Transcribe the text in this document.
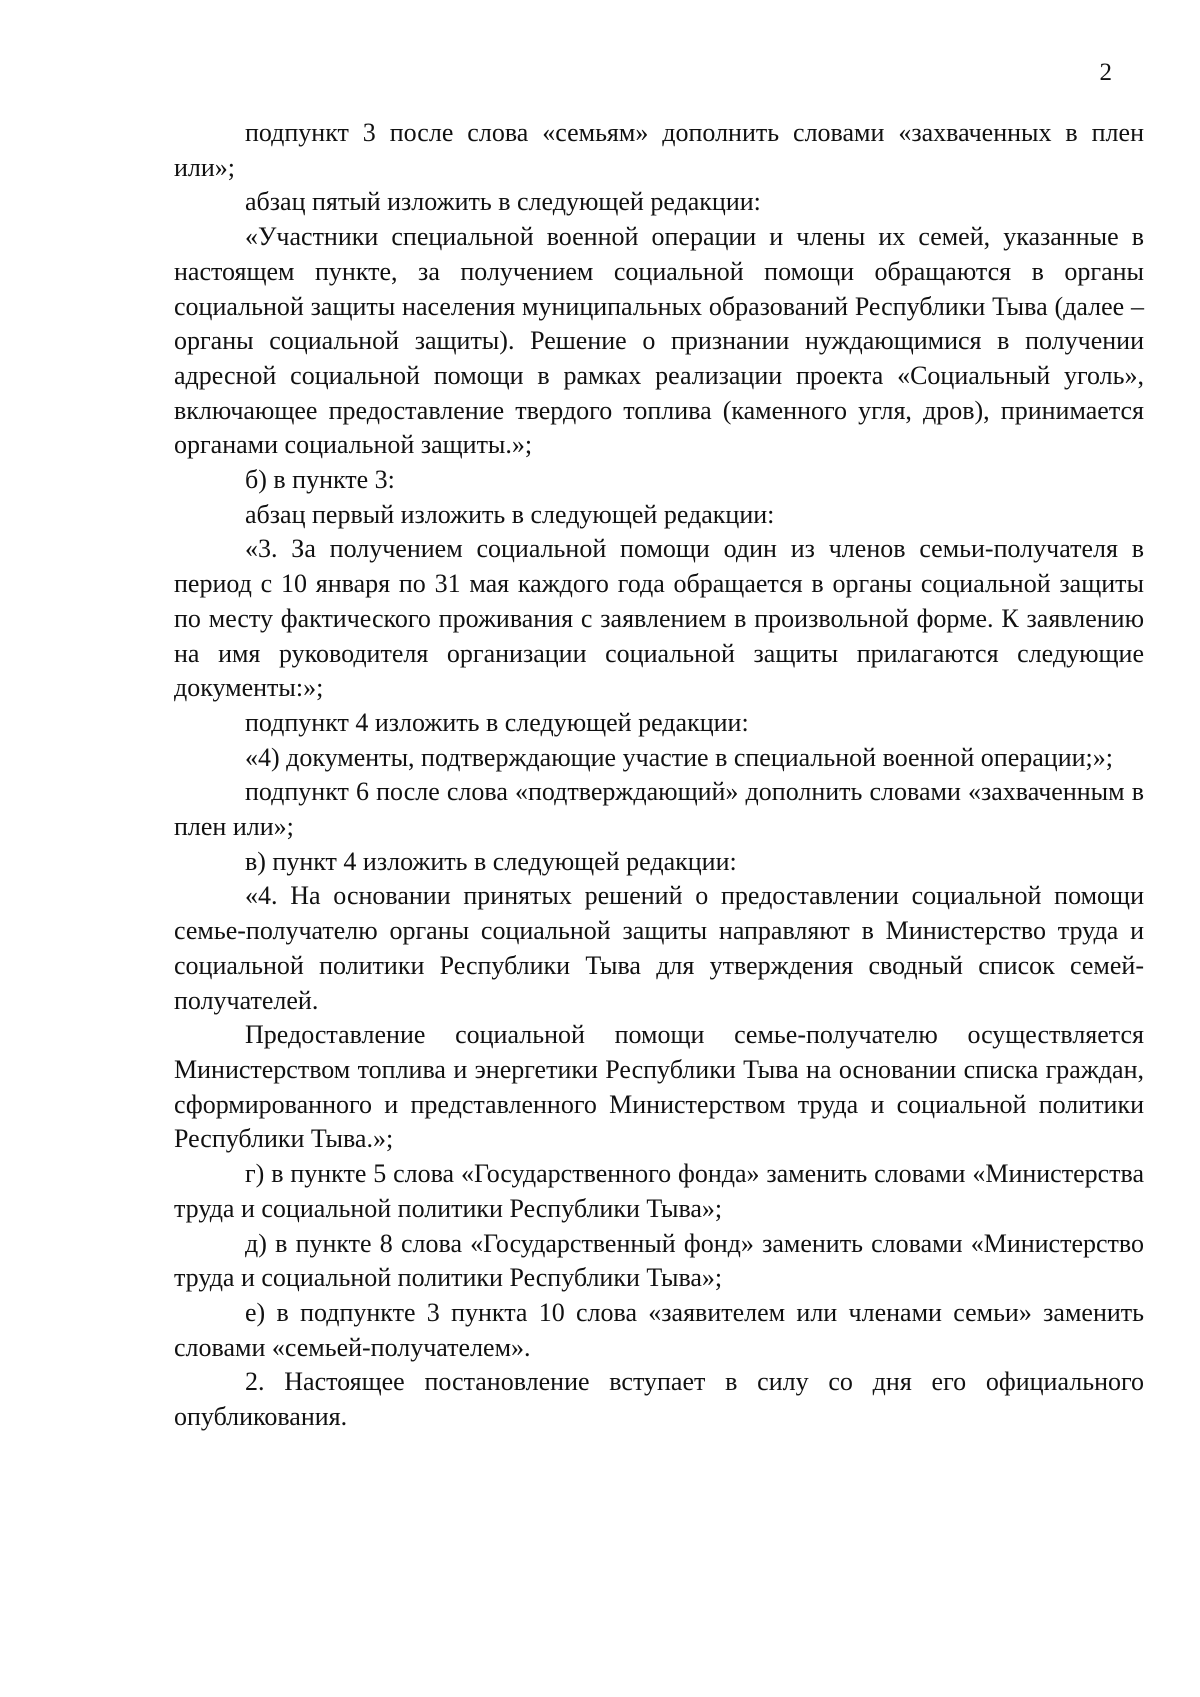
2

подпункт 3 после слова «семьям» дополнить словами «захваченных в плен или»;

абзац пятый изложить в следующей редакции:

«Участники специальной военной операции и члены их семей, указанные в настоящем пункте, за получением социальной помощи обращаются в органы социальной защиты населения муниципальных образований Республики Тыва (далее – органы социальной защиты). Решение о признании нуждающимися в получении адресной социальной помощи в рамках реализации проекта «Социальный уголь», включающее предоставление твердого топлива (каменного угля, дров), принимается органами социальной защиты.»;

б) в пункте 3:

абзац первый изложить в следующей редакции:

«3. За получением социальной помощи один из членов семьи-получателя в период с 10 января по 31 мая каждого года обращается в органы социальной защиты по месту фактического проживания с заявлением в произвольной форме. К заявлению на имя руководителя организации социальной защиты прилагаются следующие документы:»;

подпункт 4 изложить в следующей редакции:

«4) документы, подтверждающие участие в специальной военной операции;»;

подпункт 6 после слова «подтверждающий» дополнить словами «захваченным в плен или»;

в) пункт 4 изложить в следующей редакции:

«4. На основании принятых решений о предоставлении социальной помощи семье-получателю органы социальной защиты направляют в Министерство труда и социальной политики Республики Тыва для утверждения сводный список семей-получателей.

Предоставление социальной помощи семье-получателю осуществляется Министерством топлива и энергетики Республики Тыва на основании списка граждан, сформированного и представленного Министерством труда и социальной политики Республики Тыва.»;

г) в пункте 5 слова «Государственного фонда» заменить словами «Министерства труда и социальной политики Республики Тыва»;

д) в пункте 8 слова «Государственный фонд» заменить словами «Министерство труда и социальной политики Республики Тыва»;

е) в подпункте 3 пункта 10 слова «заявителем или членами семьи» заменить словами «семьей-получателем».

2. Настоящее постановление вступает в силу со дня его официального опубликования.
